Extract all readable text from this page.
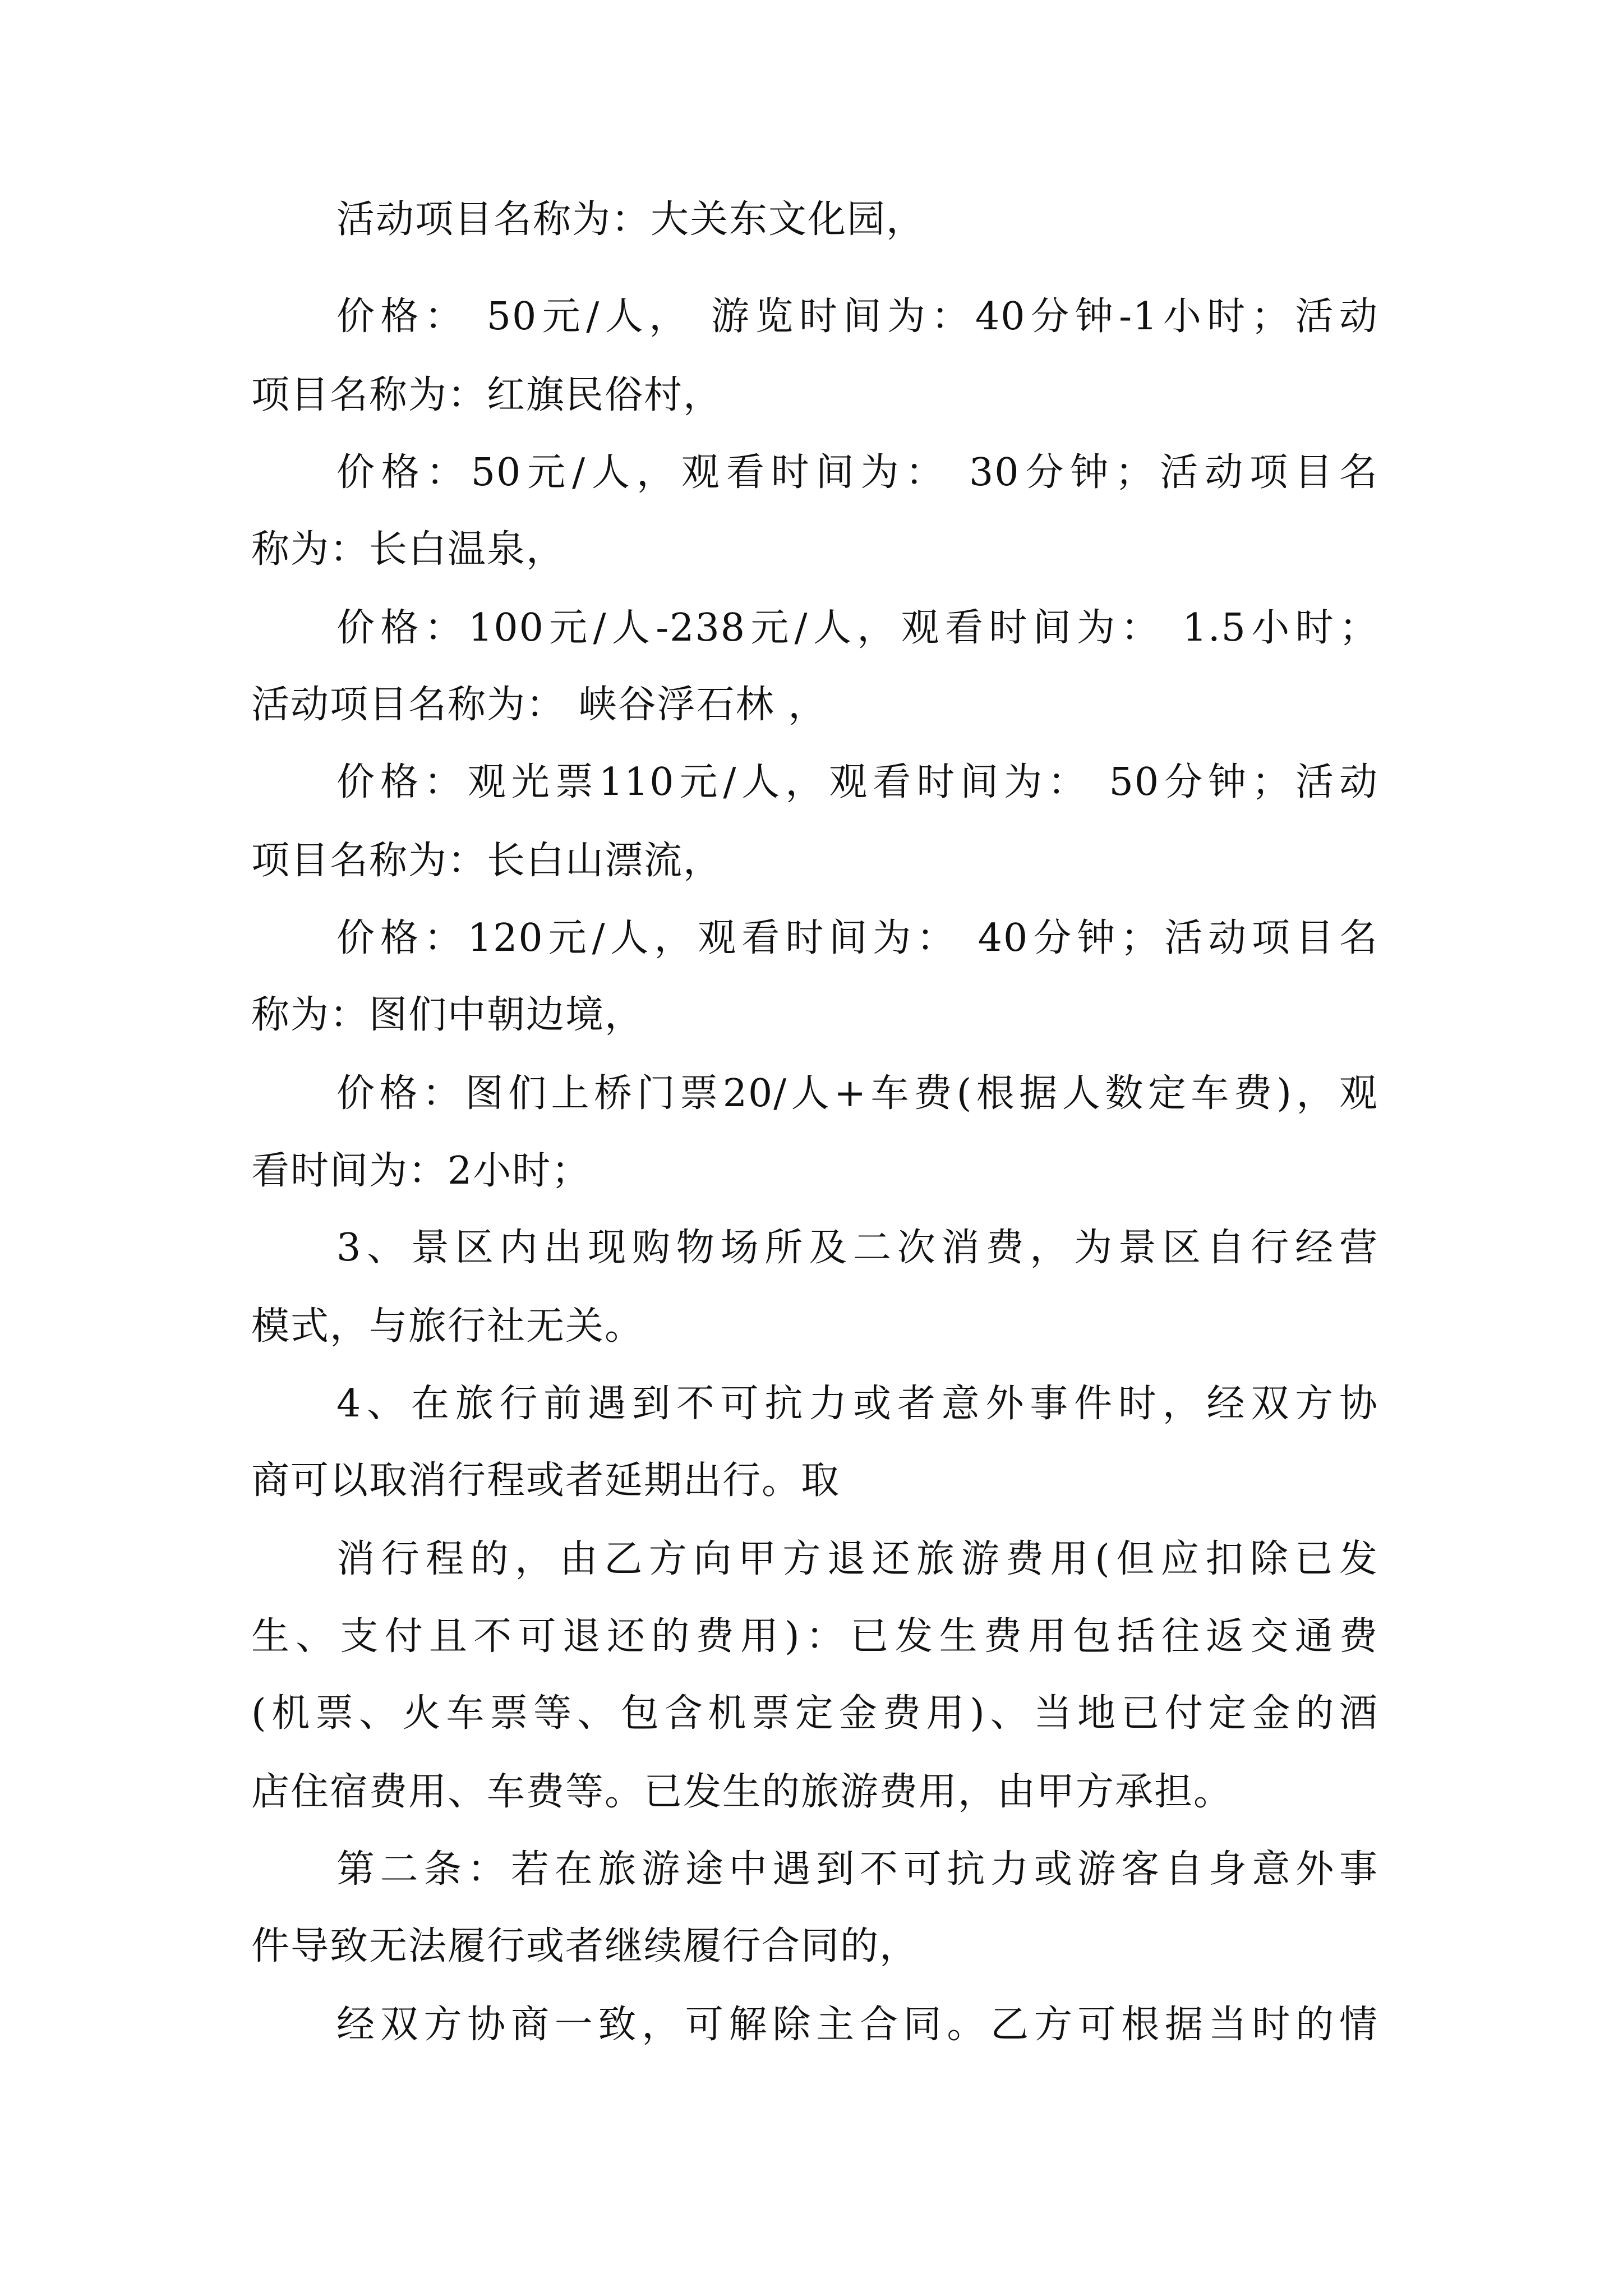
活动项目名称为：大关东文化园，
价格： 50元/人， 游览时间为：40分钟-1小时；活动
项目名称为：红旗民俗村，
价格：50元/人，观看时间为： 30分钟；活动项目名
称为：长白温泉，
价格：100元/人-238元/人，观看时间为： 1.5小时；
活动项目名称为： 峡谷浮石林 ，
价格：观光票110元/人，观看时间为： 50分钟；活动
项目名称为：长白山漂流，
价格：120元/人，观看时间为： 40分钟；活动项目名
称为：图们中朝边境，
价格：图们上桥门票20/人+车费(根据人数定车费)，观
看时间为：2小时；
3、景区内出现购物场所及二次消费，为景区自行经营
模式，与旅行社无关。
4、在旅行前遇到不可抗力或者意外事件时，经双方协
商可以取消行程或者延期出行。取
消行程的，由乙方向甲方退还旅游费用(但应扣除已发
生、支付且不可退还的费用)：已发生费用包括往返交通费
(机票、火车票等、包含机票定金费用)、当地已付定金的酒
店住宿费用、车费等。已发生的旅游费用，由甲方承担。
第二条：若在旅游途中遇到不可抗力或游客自身意外事
件导致无法履行或者继续履行合同的，
经双方协商一致，可解除主合同。乙方可根据当时的情
